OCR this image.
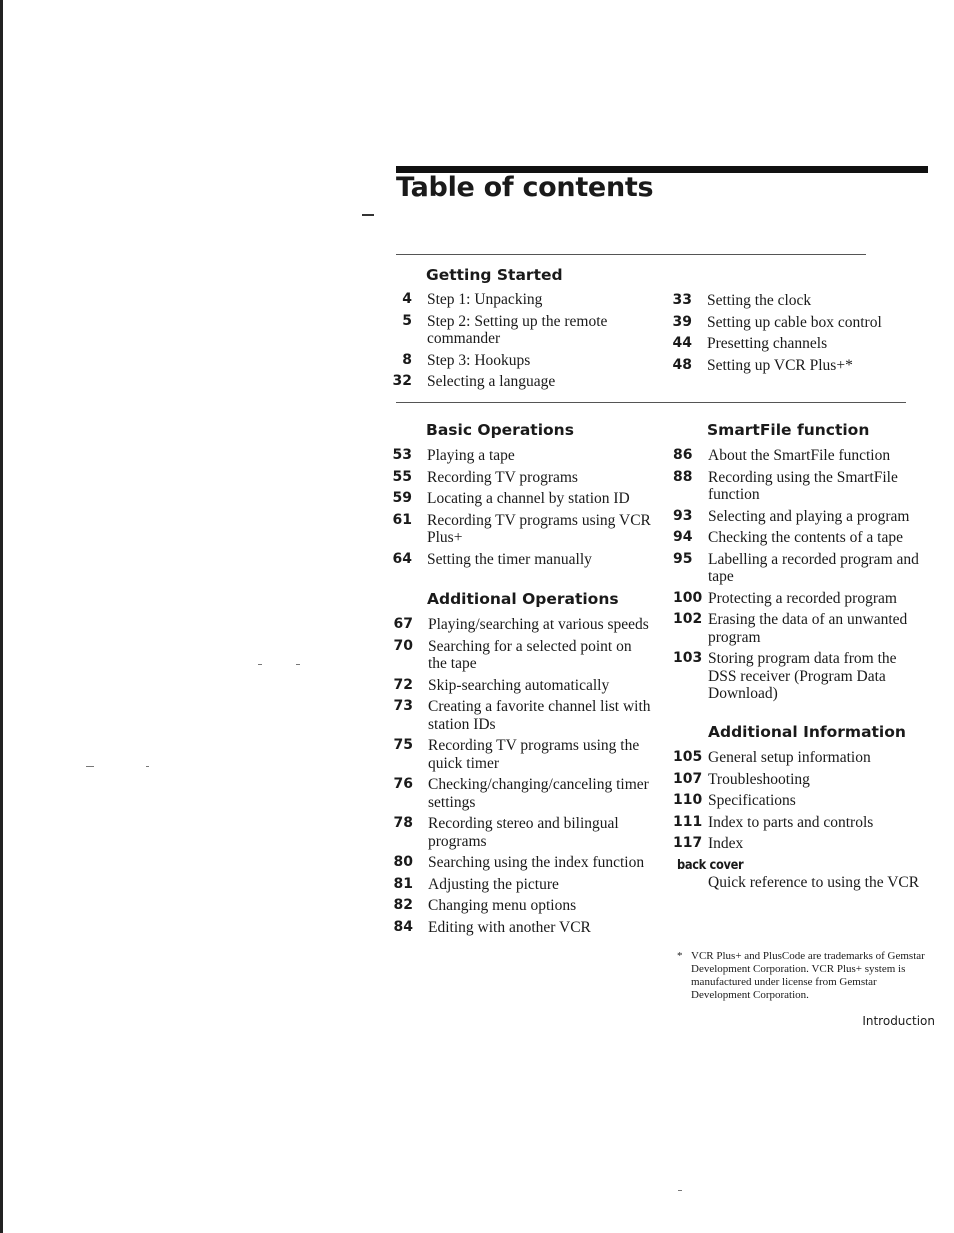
Table of contents
Getting Started
4 Step 1: Unpacking
5 Step 2: Setting up the remote commander
8 Step 3: Hookups
32 Selecting a language
33 Setting the clock
39 Setting up cable box control
44 Presetting channels
48 Setting up VCR Plus+*
Basic Operations
53 Playing a tape
55 Recording TV programs
59 Locating a channel by station ID
61 Recording TV programs using VCR Plus+
64 Setting the timer manually
Additional Operations
67 Playing/searching at various speeds
70 Searching for a selected point on the tape
72 Skip-searching automatically
73 Creating a favorite channel list with station IDs
75 Recording TV programs using the quick timer
76 Checking/changing/canceling timer settings
78 Recording stereo and bilingual programs
80 Searching using the index function
81 Adjusting the picture
82 Changing menu options
84 Editing with another VCR
SmartFile function
86	About the SmartFile function
88	Recording using the SmartFile function
93	Selecting and playing a program
94	Checking the contents of a tape
95	Labelling a recorded program and tape
100 Protecting a recorded program
102 Erasing the data of an unwanted program
103 Storing program data from the DSS receiver (Program Data Download)
Additional Information
105 General setup information
107 Troubleshooting
110 Specifications
111 Index to parts and controls
117 Index
back cover
Quick reference to using the VCR
* VCR Plus+ and PlusCode are trademarks of Gemstar Development Corporation. VCR Plus+ system is manufactured under license from Gemstar Development Corporation.
Introduction
